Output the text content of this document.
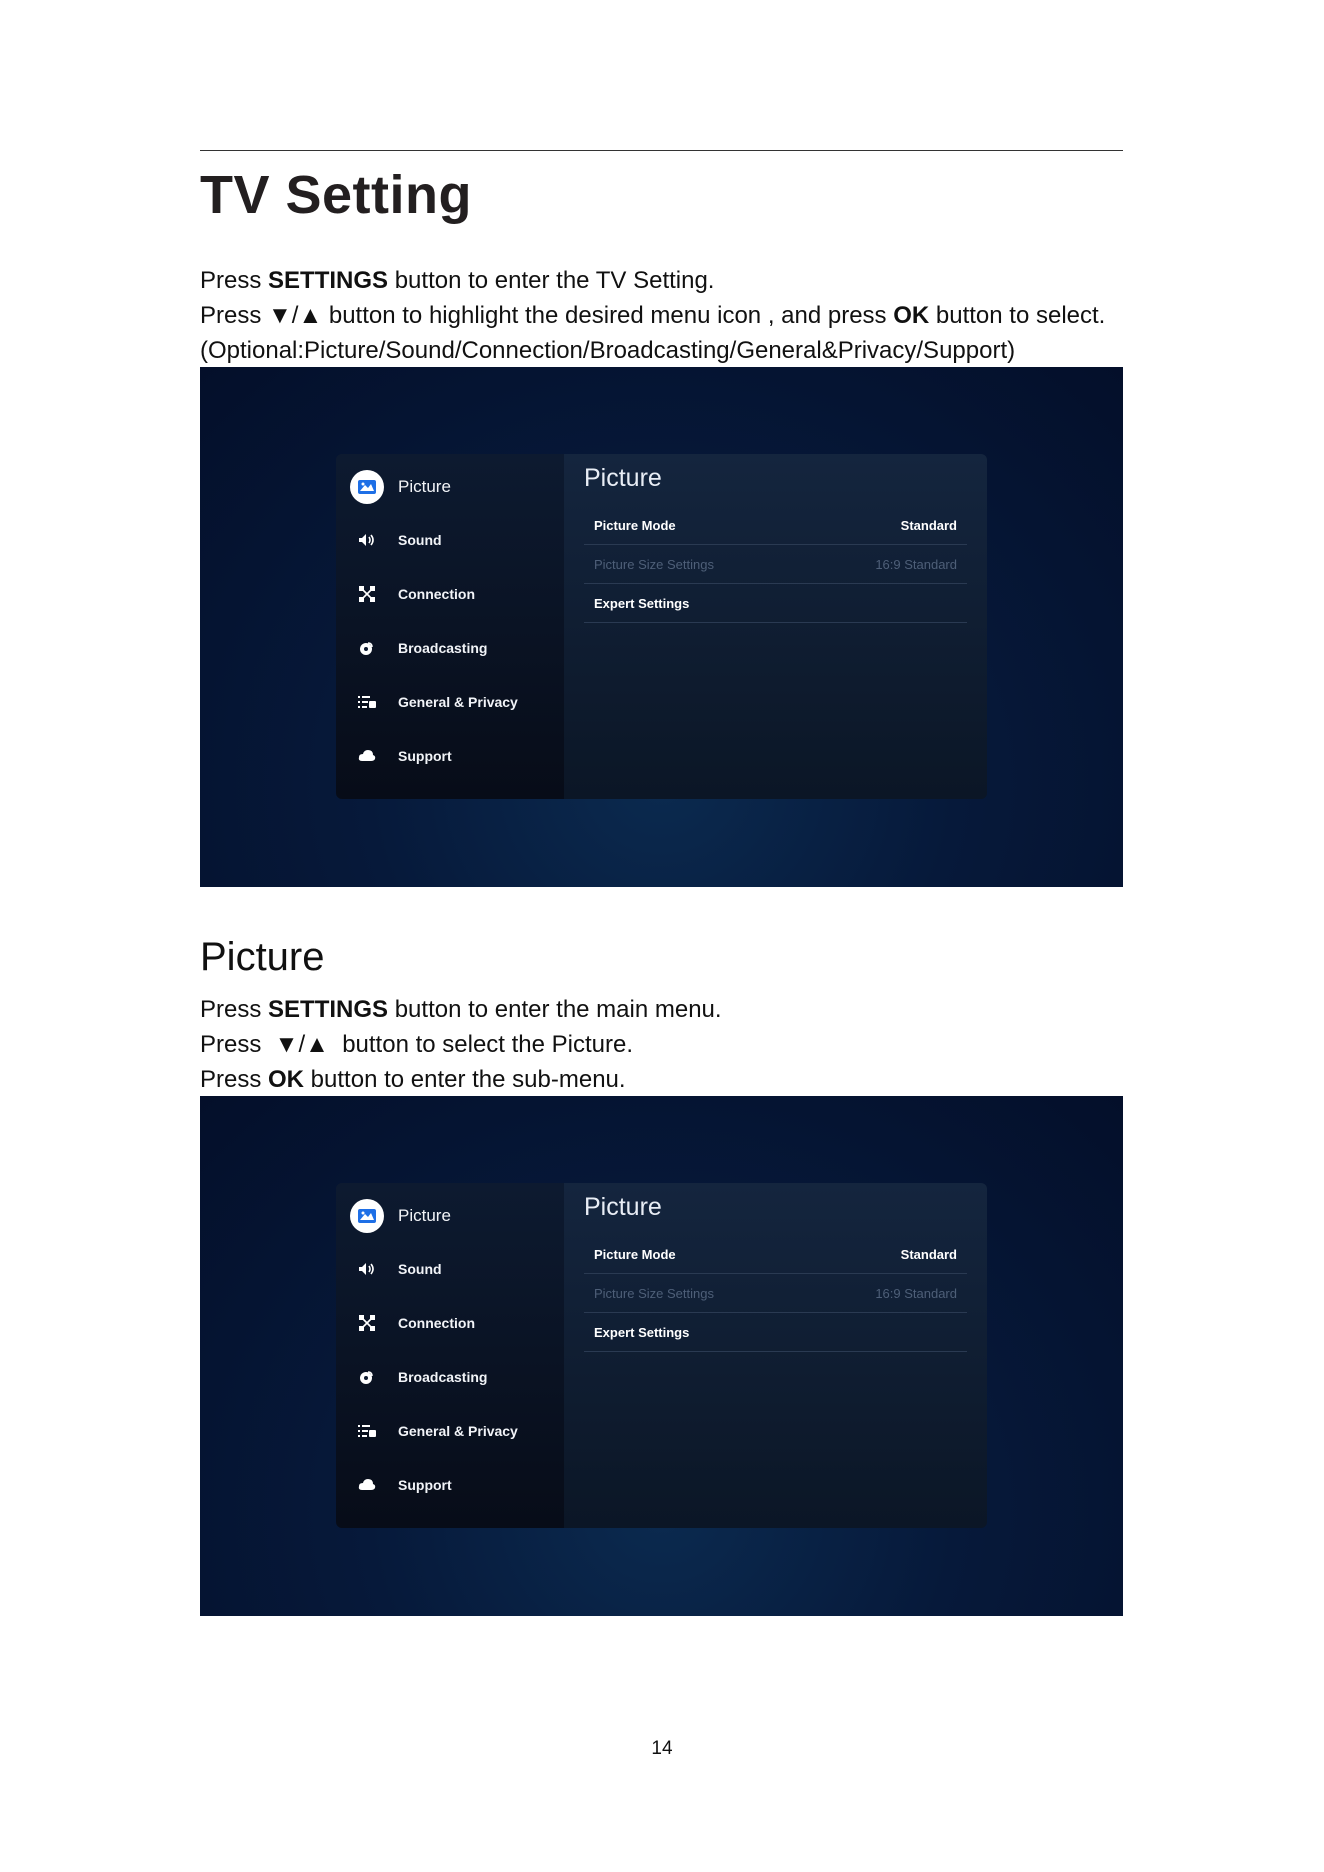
TV Setting
Press SETTINGS button to enter the TV Setting.
Press ▼/▲ button to highlight the desired menu icon , and press OK button to select.
(Optional:Picture/Sound/Connection/Broadcasting/General&Privacy/Support)
Picture
Sound
Connection
Broadcasting
General & Privacy
Support
Picture
Picture Mode	Standard
Picture Size Settings	16:9 Standard
Expert Settings
Picture
Press SETTINGS button to enter the main menu.
Press  ▼/▲  button to select the Picture.
Press OK button to enter the sub-menu.
Picture
Sound
Connection
Broadcasting
General & Privacy
Support
Picture
Picture Mode	Standard
Picture Size Settings	16:9 Standard
Expert Settings
14
